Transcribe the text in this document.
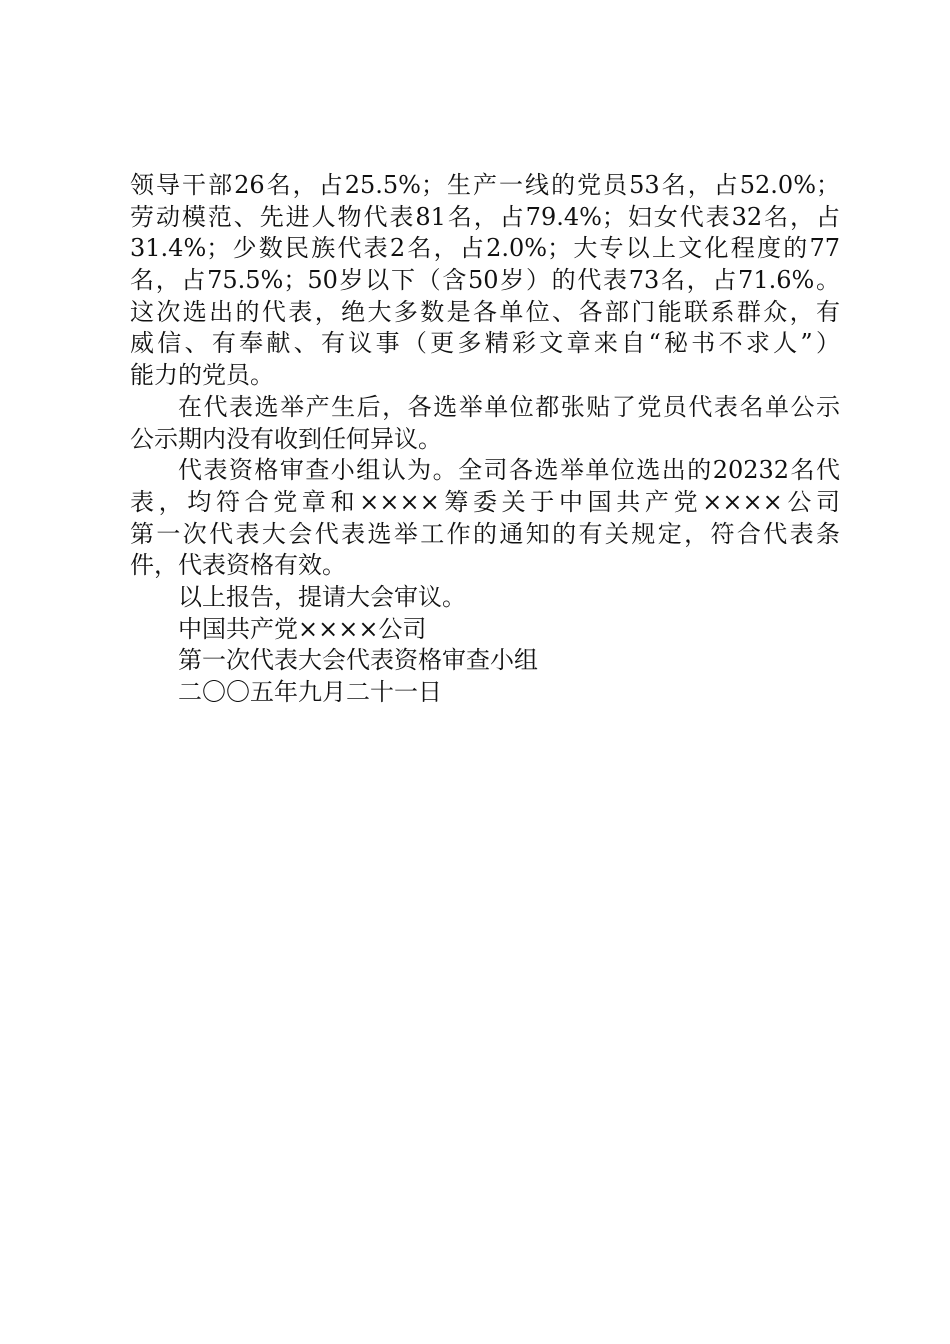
领导干部26名，占25.5%；生产一线的党员53名，占52.0%；
劳动模范、先进人物代表81名，占79.4%；妇女代表32名，占
31.4%；少数民族代表2名，占2.0%；大专以上文化程度的77
名，占75.5%；50岁以下（含50岁）的代表73名，占71.6%。
这次选出的代表，绝大多数是各单位、各部门能联系群众，有
威信、有奉献、有议事（更多精彩文章来自“秘书不求人”）
能力的党员。
在代表选举产生后，各选举单位都张贴了党员代表名单公示
公示期内没有收到任何异议。
代表资格审查小组认为。全司各选举单位选出的20232名代
表，均符合党章和××××筹委关于中国共产党××××公司
第一次代表大会代表选举工作的通知的有关规定，符合代表条
件，代表资格有效。
以上报告，提请大会审议。
中国共产党××××公司
第一次代表大会代表资格审查小组
二〇〇五年九月二十一日
